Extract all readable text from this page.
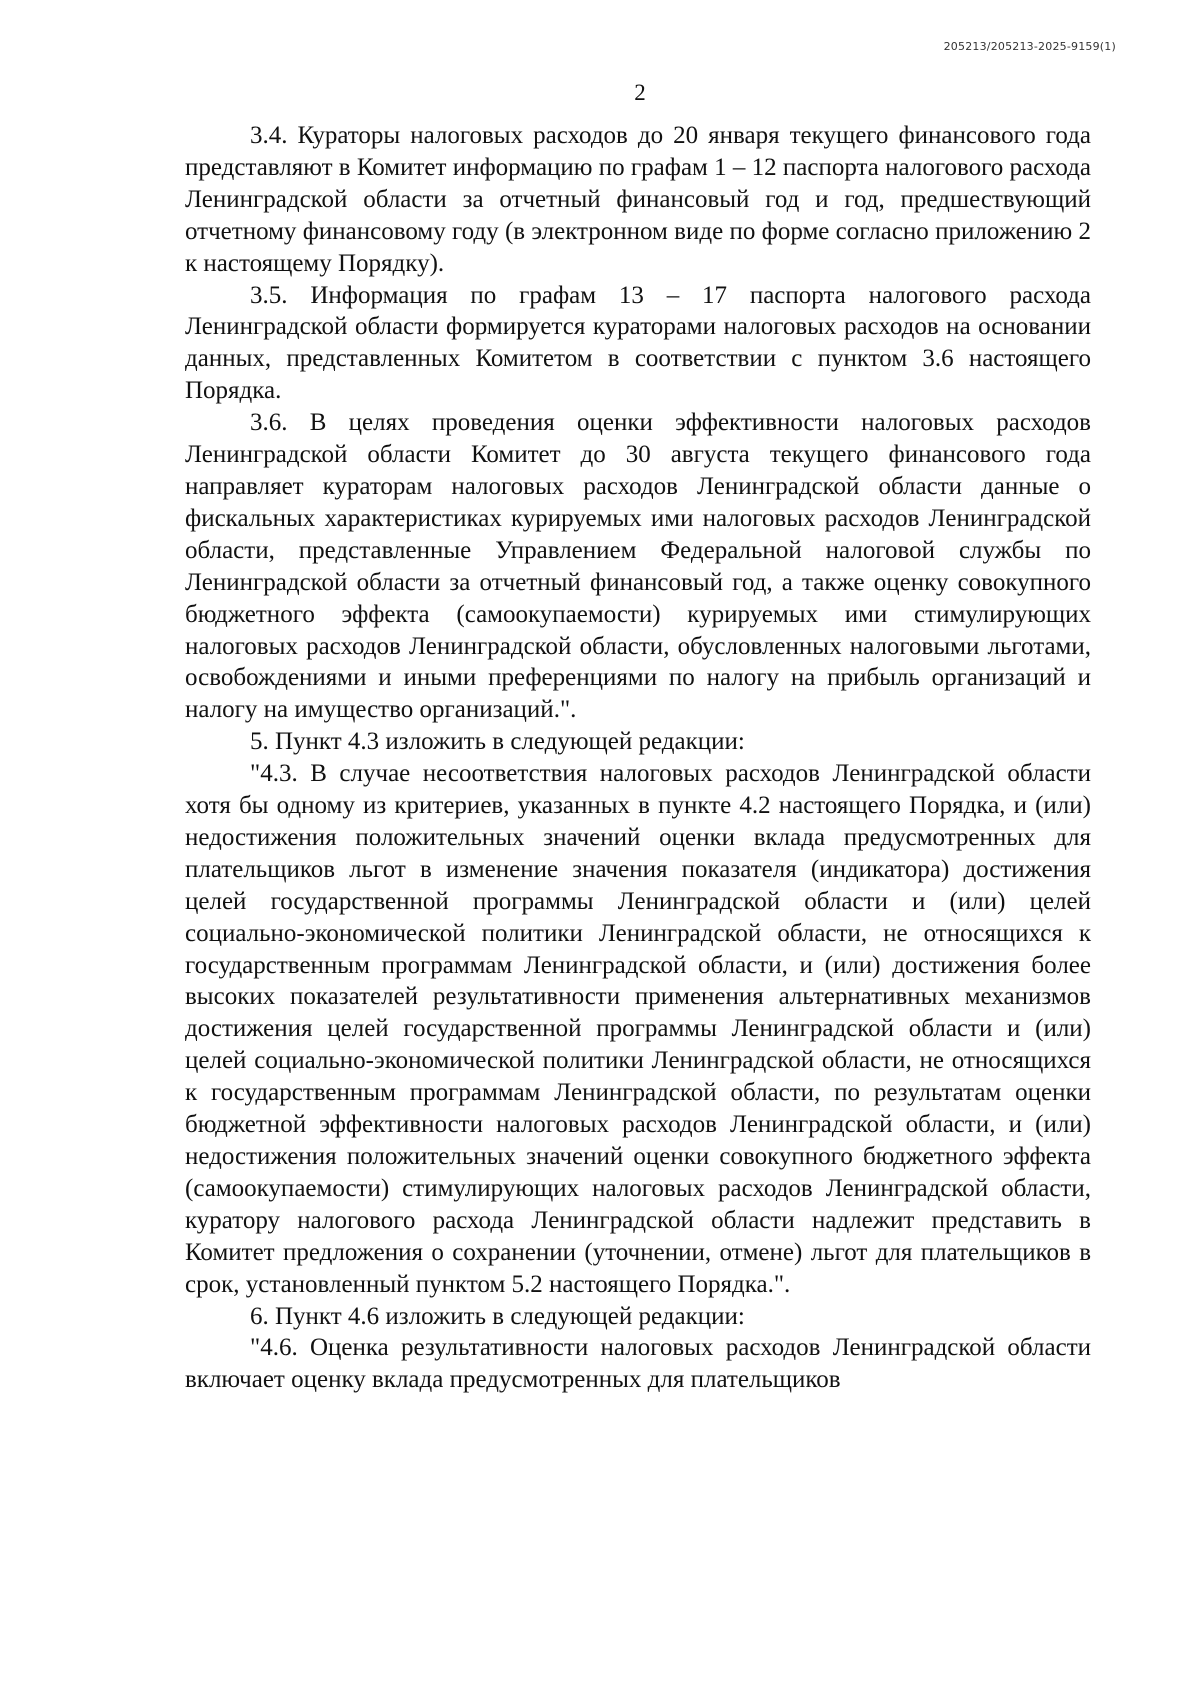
205213/205213-2025-9159(1)
2

3.4. Кураторы налоговых расходов до 20 января текущего финансового года представляют в Комитет информацию по графам 1 – 12 паспорта налогового расхода Ленинградской области за отчетный финансовый год и год, предшествующий отчетному финансовому году (в электронном виде по форме согласно приложению 2 к настоящему Порядку).

3.5. Информация по графам 13 – 17 паспорта налогового расхода Ленинградской области формируется кураторами налоговых расходов на основании данных, представленных Комитетом в соответствии с пунктом 3.6 настоящего Порядка.

3.6. В целях проведения оценки эффективности налоговых расходов Ленинградской области Комитет до 30 августа текущего финансового года направляет кураторам налоговых расходов Ленинградской области данные о фискальных характеристиках курируемых ими налоговых расходов Ленинградской области, представленные Управлением Федеральной налоговой службы по Ленинградской области за отчетный финансовый год, а также оценку совокупного бюджетного эффекта (самоокупаемости) курируемых ими стимулирующих налоговых расходов Ленинградской области, обусловленных налоговыми льготами, освобождениями и иными преференциями по налогу на прибыль организаций и налогу на имущество организаций.".

5. Пункт 4.3 изложить в следующей редакции:

"4.3. В случае несоответствия налоговых расходов Ленинградской области хотя бы одному из критериев, указанных в пункте 4.2 настоящего Порядка, и (или) недостижения положительных значений оценки вклада предусмотренных для плательщиков льгот в изменение значения показателя (индикатора) достижения целей государственной программы Ленинградской области и (или) целей социально-экономической политики Ленинградской области, не относящихся к государственным программам Ленинградской области, и (или) достижения более высоких показателей результативности применения альтернативных механизмов достижения целей государственной программы Ленинградской области и (или) целей социально-экономической политики Ленинградской области, не относящихся к государственным программам Ленинградской области, по результатам оценки бюджетной эффективности налоговых расходов Ленинградской области, и (или) недостижения положительных значений оценки совокупного бюджетного эффекта (самоокупаемости) стимулирующих налоговых расходов Ленинградской области, куратору налогового расхода Ленинградской области надлежит представить в Комитет предложения о сохранении (уточнении, отмене) льгот для плательщиков в срок, установленный пунктом 5.2 настоящего Порядка.".

6. Пункт 4.6 изложить в следующей редакции:

"4.6. Оценка результативности налоговых расходов Ленинградской области включает оценку вклада предусмотренных для плательщиков
